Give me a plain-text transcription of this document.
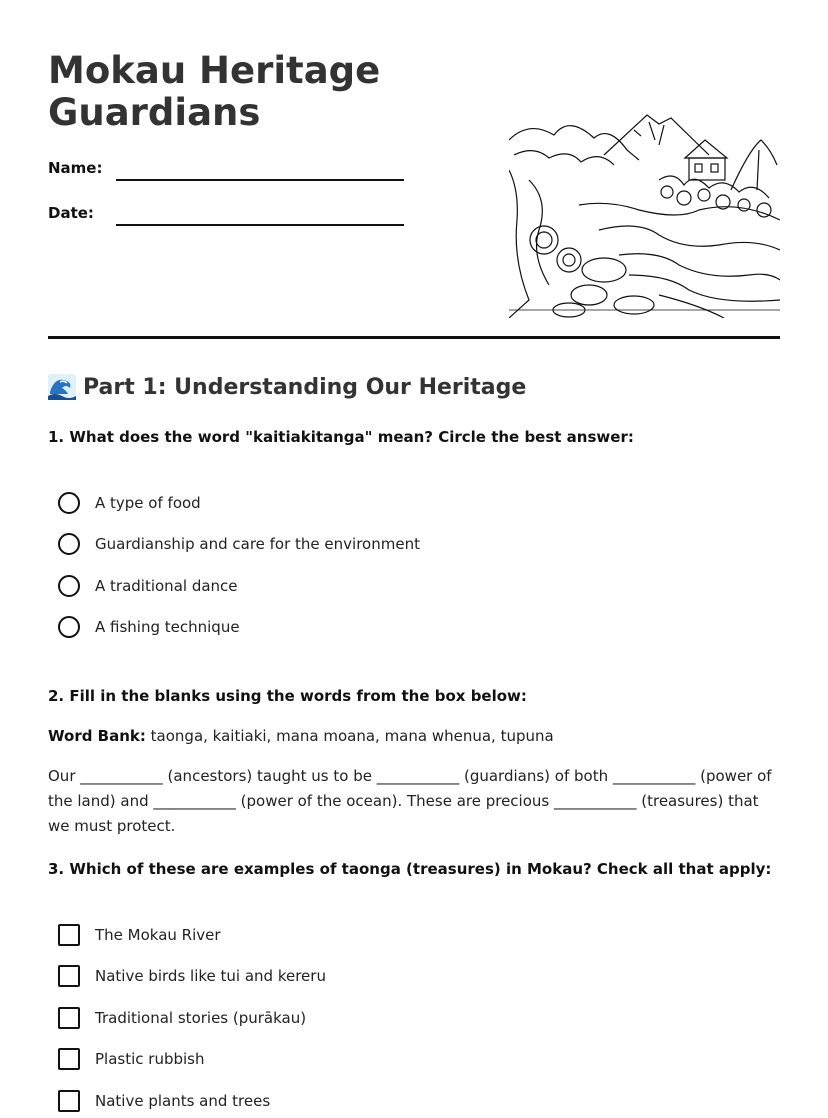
Mokau Heritage Guardians
Name:
Date:
Part 1: Understanding Our Heritage
1. What does the word "kaitiakitanga" mean? Circle the best answer:
A type of food
Guardianship and care for the environment
A traditional dance
A fishing technique
2. Fill in the blanks using the words from the box below:
Word Bank: taonga, kaitiaki, mana moana, mana whenua, tupuna
Our ___________ (ancestors) taught us to be ___________ (guardians) of both ___________ (power of the land) and ___________ (power of the ocean). These are precious ___________ (treasures) that we must protect.
3. Which of these are examples of taonga (treasures) in Mokau? Check all that apply:
The Mokau River
Native birds like tui and kereru
Traditional stories (purākau)
Plastic rubbish
Native plants and trees
